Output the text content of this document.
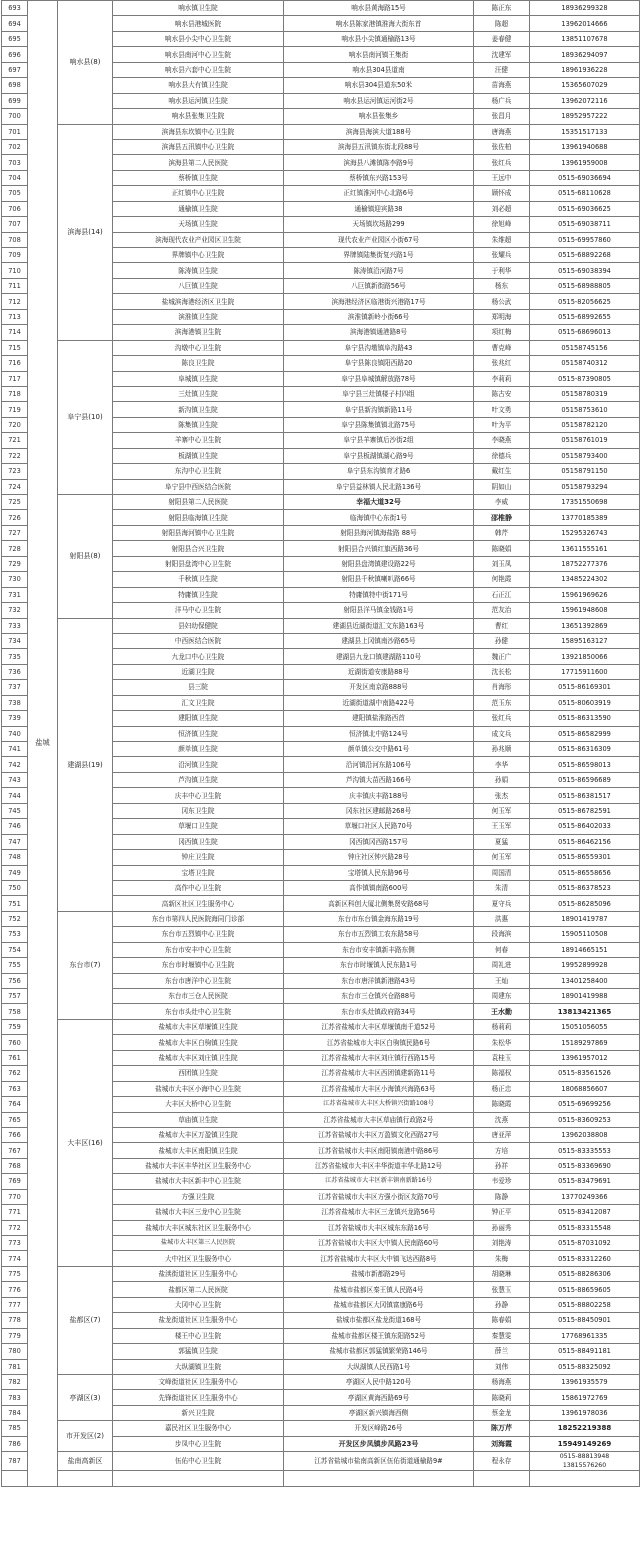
693	盐城	响水县(8)	响水镇卫生院	响水县黄海路15号	陈正东	18936299328
694			响水县港城医院	响水县陈家港镇淮海大街东首	陈超	13962014666
695			响水县小尖中心卫生院	响水县小尖镇通榆路13号	姜春健	13851107678
696			响水县南河中心卫生院	响水县南河镇王集街	沈建军	18936294097
697			响水县六套中心卫生院	响水县304县道南	汪健	18961936228
698			响水县大有镇卫生院	响水县304县道东50米	苗海燕	15365607029
699			响水县运河镇卫生院	响水县运河镇运河街2号	杨广兵	13962072116
700			响水县张集卫生院	响水县张集乡	张昌月	18952957222
701		滨海县(14)	滨海县东坎镇中心卫生院	滨海县海滨大道188号	唐海燕	15351517133
702			滨海县五汛镇中心卫生院	滨海县五汛镇东街北段88号	张佐柏	13961940688
703			滨海县第二人民医院	滨海县八滩镇陈李路9号	张红兵	13961959008
704			蔡桥镇卫生院	蔡桥镇东兴路153号	王远中	0515-69036694
705			正红镇中心卫生院	正红镇淮河中心北路6号	顾怀成	0515-68110628
706			通榆镇卫生院	通榆镇迎宾路38	刘必超	0515-69036625
707			天场镇卫生院	天场镇坎场路299	徐旭峰	0515-69038711
708			滨海现代农业产业园区卫生院	现代农业产业园区小街67号	朱维超	0515-69957860
709			界牌镇中心卫生院	界牌镇陆集街复兴路1号	张耀兵	0515-68892268
710			陈涛镇卫生院	陈涛镇沿河路7号	于利华	0515-69038394
711			八巨镇卫生院	八巨镇新街路56号	杨东	0515-68988805
712			盐城滨海港经济区卫生院	滨海港经济区临港街兴港路17号	杨公武	0515-82056625
713			滨淮镇卫生院	滨淮镇新岭小街66号	郑明海	0515-68992655
714			滨海港镇卫生院	滨海港镇通港路8号	项红梅	0515-68696013
715		阜宁县(10)	沟墩中心卫生院	阜宁县沟墩镇阜沟路43	曹克峰	05158745156
716			陈良卫生院	阜宁县陈良镇阳西路20	张兆红	05158740312
717			阜城镇卫生院	阜宁县阜城镇解放路78号	李莉莉	0515-87390805
718			三灶镇卫生院	阜宁县三灶镇楼子村四组	陈古安	05158780319
719			新沟镇卫生院	阜宁县新沟镇新路11号	叶文勇	05158753610
720			陈集镇卫生院	阜宁县陈集镇镇北路75号	叶为平	05158782120
721			羊寨中心卫生院	阜宁县羊寨镇后沙街2组	李晓燕	05158761019
722			板湖镇卫生院	阜宁县板湖镇湖心路9号	徐德兵	05158793400
723			东沟中心卫生院	阜宁县东沟镇育才路6	戴红生	05158791150
724			阜宁县中西医结合医院	阜宁县益林镇人民北路136号	阴如山	05158793294
725		射阳县(8)	射阳县第二人民医院	幸福大道32号	李威	17351550698
726			射阳县临海镇卫生院	临海镇中心东街1号	邵椎静	13770185389
727			射阳县海河镇中心卫生院	射阳县海河镇海盐路 88号	韩芹	15295326743
728			射阳县合兴卫生院	射阳县合兴镇红旗西路36号	陈晓娟	13611555161
729			射阳县盘湾中心卫生院	射阳县盘湾镇建设路22号	刘玉凤	18752277376
730			千秋镇卫生院	射阳县千秋镇喇叭路66号	何艳霞	13485224302
731			特庸镇卫生院	特庸镇特中街171号	石正江	15961969626
732			洋马中心卫生院	射阳县洋马镇金钱路1号	范友治	15961948608
733		建湖县(19)	县妇幼保健院	建湖县近湖街道汇文东路163号	曹红	13651392869
734			中西医结合医院	建湖县上冈镇南沙路65号	孙健	15895163127
735			九龙口中心卫生院	建湖县九龙口镇建湖路110号	魏正广	13921850066
736			近湖卫生院	近湖街道安康路88号	沈长松	17715911600
737			县三院	开发区南京路888号	肖海彤	0515-86169301
738			汇文卫生院	近湖街道湖中南路422号	范玉东	0515-80603919
739			建阳镇卫生院	建阳镇盐淮路西首	张红兵	0515-86313590
740			恒济镇卫生院	恒济镇北中路124号	成文兵	0515-86582999
741			颜单镇卫生院	颜单镇公交中路61号	孙兆顺	0515-86316309
742			沿河镇卫生院	沿河镇沿河东路106号	李华	0515-86598013
743			芦沟镇卫生院	芦沟镇大苗西路166号	孙娟	0515-86596689
744			庆丰中心卫生院	庆丰镇庆丰路188号	张杰	0515-86381517
745			冈东卫生院	冈东社区建邮路268号	何玉军	0515-86782591
746			草堰口卫生院	草堰口社区人民路70号	王玉军	0515-86402033
747			冈西镇卫生院	冈西镇冈西路157号	夏猛	0515-86462156
748			钟庄卫生院	钟庄社区钟兴路28号	何玉军	0515-86559301
749			宝塔卫生院	宝塔镇人民东路96号	周国清	0515-86558656
750			高作中心卫生院	高作镇镇南路600号	朱清	0515-86378523
751			高新区社区卫生服务中心	高新区科创大厦北侧集贤安路68号	夏守兵	0515-86285096
752		东台市(7)	东台市第四人民医院海同门诊部	东台市东台镇金海东路19号	洪惠	18901419787
753			东台市五烈镇中心卫生院	东台市五烈镇工农东路58号	段海滨	15905110508
754			东台市安丰中心卫生院	东台市安丰镇新丰路东侧	何春	18914665151
755			东台市时堰镇中心卫生院	东台市时堰镇人民东路1号	周礼进	19952899928
756			东台市唐洋中心卫生院	东台市唐洋镇新港路43号	王灿	13401258400
757			东台市三仓人民医院	东台市三仓镇兴仓路88号	周建东	18901419988
758			东台市头灶中心卫生院	东台市头灶镇政府路34号	王水勤	13813421365
759		大丰区(16)	盐城市大丰区草堰镇卫生院	江苏省盐城市大丰区草堰镇南千道52号	杨莉莉	15051056055
760			盐城市大丰区白驹镇卫生院	江苏省盐城市大丰区白驹镇民路6号	朱松华	15189297869
761			盐城市大丰区刘庄镇卫生院	江苏省盐城市大丰区刘庄镇行西路15号	袁桂玉	13961957012
762			西团镇卫生院	江苏省盐城市大丰区西团镇建新路11号	陈福权	0515-83561526
763			盐城市大丰区小海中心卫生院	江苏省盐城市大丰区小海镇兴海路63号	杨正忠	18068856607
764			大丰区大桥中心卫生院	江苏省盐城市大丰区大桥镇兴街路108号	陈晓霞	0515-69699256
765			草庙镇卫生院	江苏省盐城市大丰区草庙镇行政路2号	沈燕	0515-83609253
766			盐城市大丰区万盈镇卫生院	江苏省盐城市大丰区万盈镇文化西路27号	唐亚萍	13962038808
767			盐城市大丰区南阳镇卫生院	江苏省盐城市大丰区南阳镇南港中路86号	方培	0515-83335553
768			盐城市大丰区丰华社区卫生服务中心	江苏省盐城市大丰区丰华街道丰华北路12号	孙祥	0515-83369690
769			盐城市大丰区新丰中心卫生院	江苏省盐城市大丰区新丰镇南新路16号	韦爱珍	0515-83479691
770			方强卫生院	江苏省盐城市大丰区方强小街区友路70号	陈静	13770249366
771			盐城市大丰区三龙中心卫生院	江苏省盐城市大丰区三龙镇兴龙路56号	钟正平	0515-83412087
772			盐城市大丰区城东社区卫生服务中心	江苏省盐城市大丰区城东东路16号	孙丽秀	0515-83315548
773			盐城市大丰区第三人民医院	江苏省盐城市大丰区大中镇人民南路60号	刘艳涛	0515-87031092
774			大中社区卫生服务中心	江苏省盐城市大丰区大中镇飞达西路8号	朱梅	0515-83312260
775		盐都区(7)	盐渎街道社区卫生服务中心	盐城市新都路29号	胡晓琳	0515-88286306
776			盐都区第二人民医院	盐城市盐都区秦王镇人民路4号	张慧玉	0515-88659605
777			大冈中心卫生院	盐城市盐都区大冈镇富康路6号	孙静	0515-88802258
778			盐龙街道社区卫生服务中心	盐城市盐都区盐龙街道168号	陈春娟	0515-88450901
779			楼王中心卫生院	盐城市盐都区楼王镇东阳路52号	秦慧雯	17768961335
780			郭猛镇卫生院	盐城市盐都区郭猛镇繁荣路146号	薛兰	0515-88491181
781			大纵湖镇卫生院	大纵湖镇人民西路1号	刘伟	0515-88325092
782		亭湖区(3)	文峰街道社区卫生服务中心	亭湖区人民中路120号	杨海燕	13961935579
783			先锋街道社区卫生服务中心	亭湖区黄海西路69号	陈晓莉	15861972769
784			新兴卫生院	亭湖区新兴镇海西侧	蔡金龙	13961978036
785		市开发区(2)	嘉民社区卫生服务中心	开发区峰路26号	陈万芹	18252219388
786			步凤中心卫生院	开发区步凤镇步凤路23号	刘海霞	15949149269
787		盐南高新区	伍佑中心卫生院	江苏省盐城市盐南高新区伍佑街道通榆路9#	程永存	0515-88813948
13815576260
